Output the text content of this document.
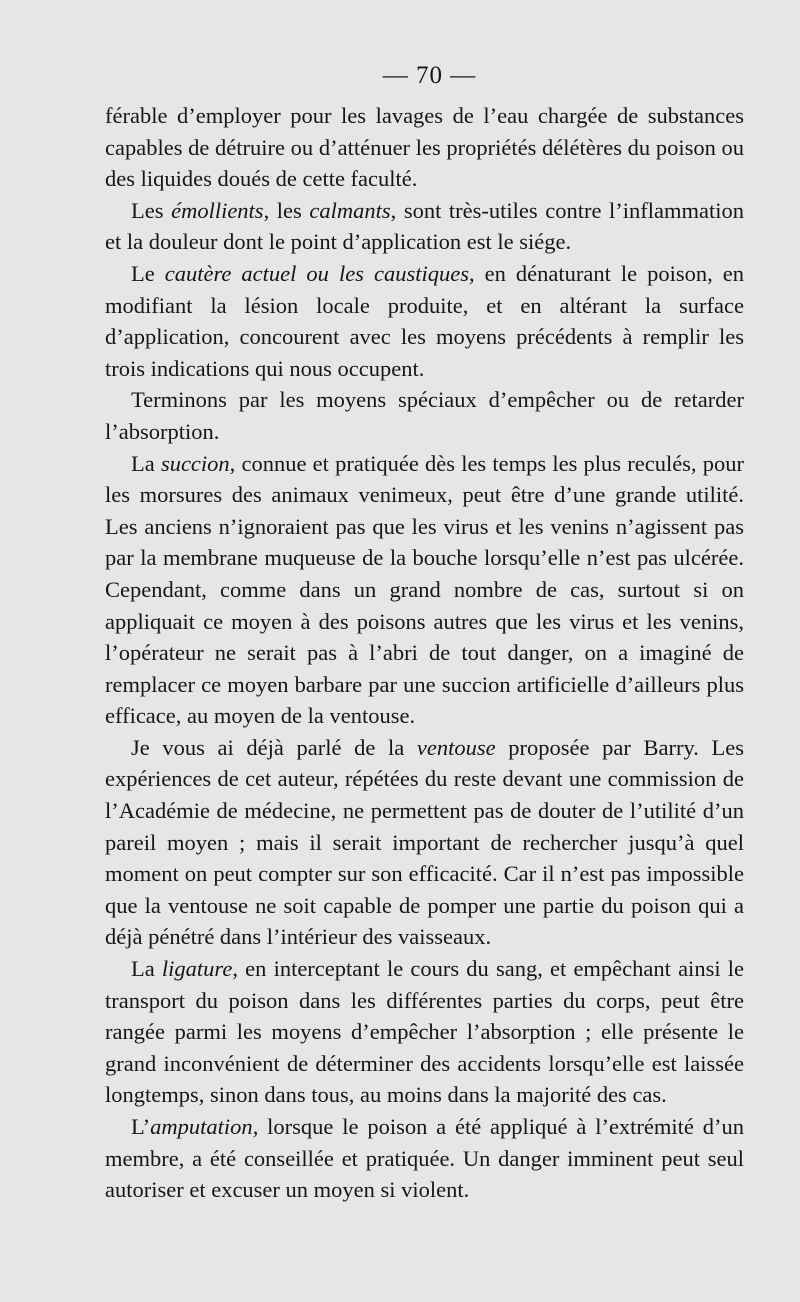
— 70 —

férable d’employer pour les lavages de l’eau chargée de substances capables de détruire ou d’atténuer les propriétés délétères du poison ou des liquides doués de cette faculté.

Les émollients, les calmants, sont très-utiles contre l’inflammation et la douleur dont le point d’application est le siége.

Le cautère actuel ou les caustiques, en dénaturant le poison, en modifiant la lésion locale produite, et en altérant la surface d’application, concourent avec les moyens précédents à remplir les trois indications qui nous occupent.

Terminons par les moyens spéciaux d’empêcher ou de retarder l’absorption.

La succion, connue et pratiquée dès les temps les plus reculés, pour les morsures des animaux venimeux, peut être d’une grande utilité. Les anciens n’ignoraient pas que les virus et les venins n’agissent pas par la membrane muqueuse de la bouche lorsqu’elle n’est pas ulcérée. Cependant, comme dans un grand nombre de cas, surtout si on appliquait ce moyen à des poisons autres que les virus et les venins, l’opérateur ne serait pas à l’abri de tout danger, on a imaginé de remplacer ce moyen barbare par une succion artificielle d’ailleurs plus efficace, au moyen de la ventouse.

Je vous ai déjà parlé de la ventouse proposée par Barry. Les expériences de cet auteur, répétées du reste devant une commission de l’Académie de médecine, ne permettent pas de douter de l’utilité d’un pareil moyen ; mais il serait important de rechercher jusqu’à quel moment on peut compter sur son efficacité. Car il n’est pas impossible que la ventouse ne soit capable de pomper une partie du poison qui a déjà pénétré dans l’intérieur des vaisseaux.

La ligature, en interceptant le cours du sang, et empêchant ainsi le transport du poison dans les différentes parties du corps, peut être rangée parmi les moyens d’empêcher l’absorption ; elle présente le grand inconvénient de déterminer des accidents lorsqu’elle est laissée longtemps, sinon dans tous, au moins dans la majorité des cas.

L’amputation, lorsque le poison a été appliqué à l’extrémité d’un membre, a été conseillée et pratiquée. Un danger imminent peut seul autoriser et excuser un moyen si violent.
